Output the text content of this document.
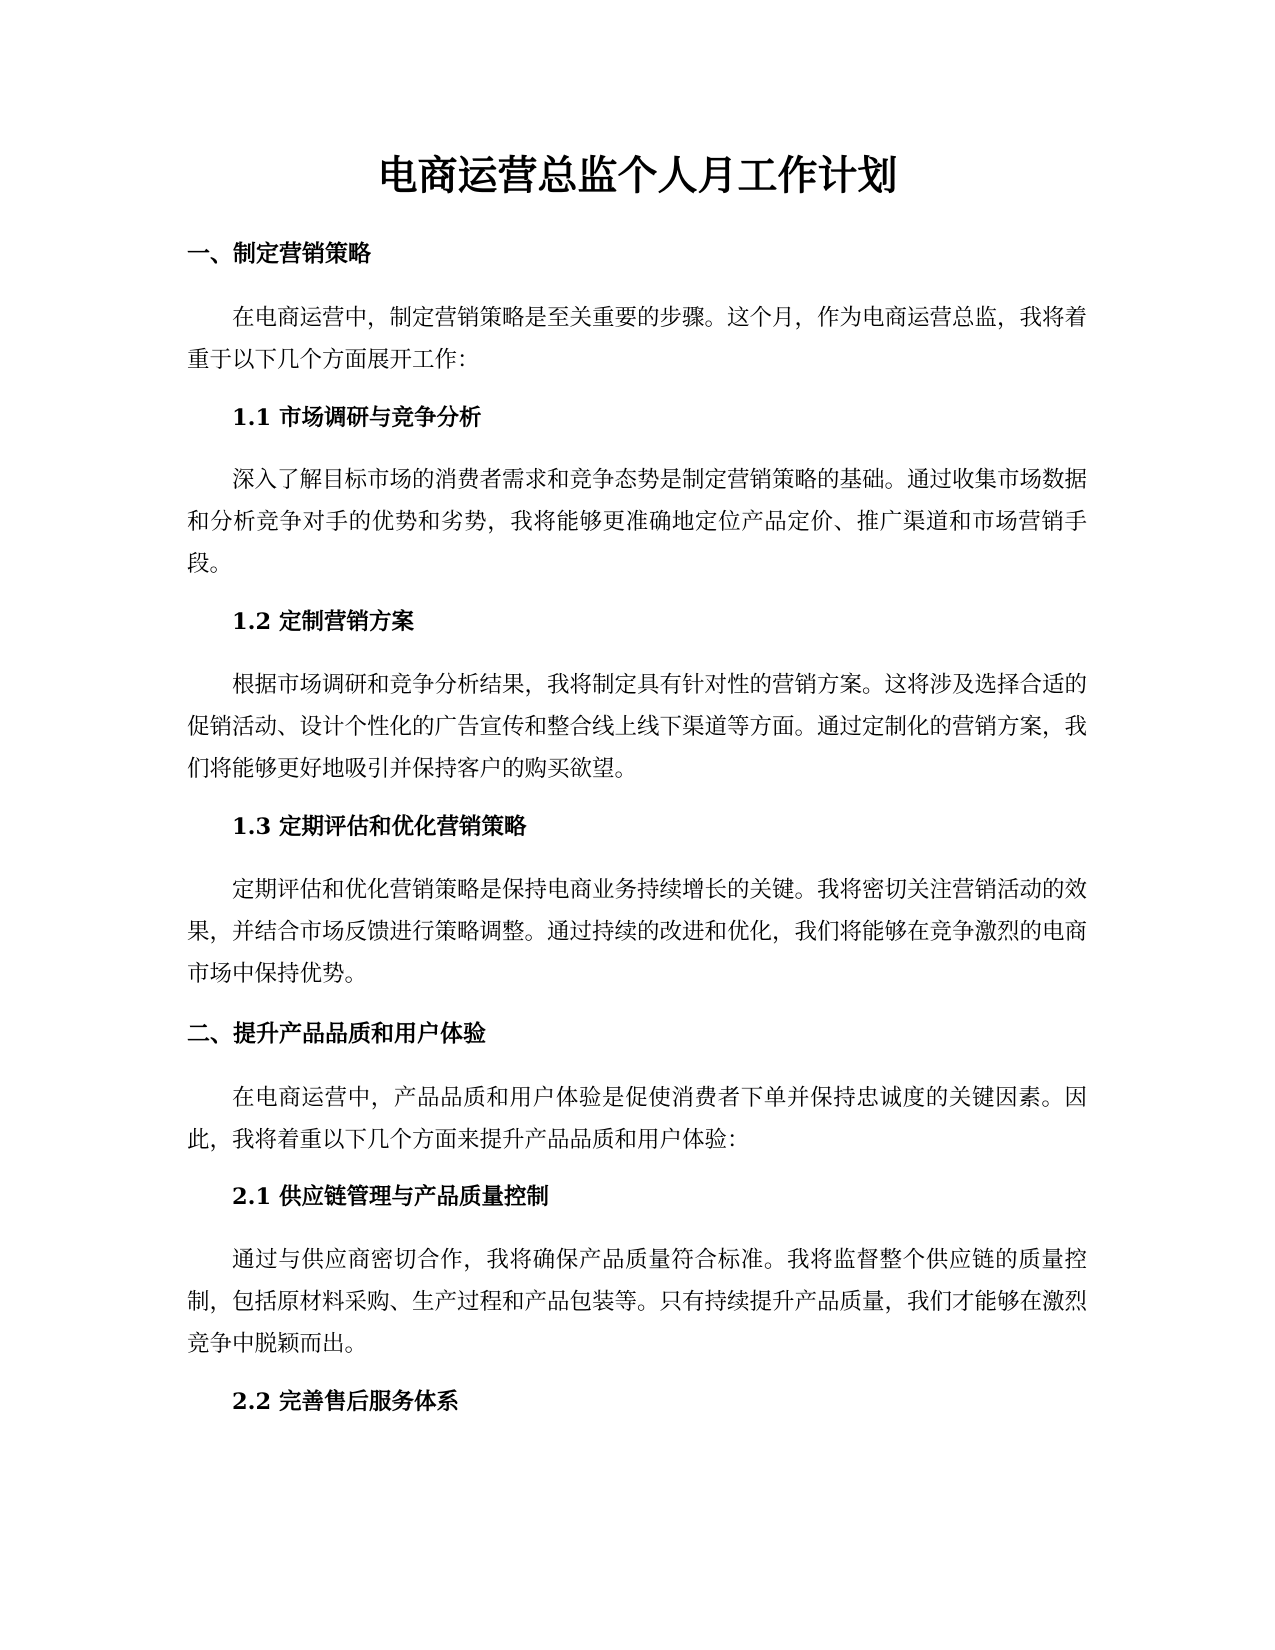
电商运营总监个人月工作计划
一、制定营销策略

在电商运营中，制定营销策略是至关重要的步骤。这个月，作为电商运营总监，我将着重于以下几个方面展开工作：

1.1 市场调研与竞争分析

深入了解目标市场的消费者需求和竞争态势是制定营销策略的基础。通过收集市场数据和分析竞争对手的优势和劣势，我将能够更准确地定位产品定价、推广渠道和市场营销手段。

1.2 定制营销方案

根据市场调研和竞争分析结果，我将制定具有针对性的营销方案。这将涉及选择合适的促销活动、设计个性化的广告宣传和整合线上线下渠道等方面。通过定制化的营销方案，我们将能够更好地吸引并保持客户的购买欲望。

1.3 定期评估和优化营销策略

定期评估和优化营销策略是保持电商业务持续增长的关键。我将密切关注营销活动的效果，并结合市场反馈进行策略调整。通过持续的改进和优化，我们将能够在竞争激烈的电商市场中保持优势。

二、提升产品品质和用户体验

在电商运营中，产品品质和用户体验是促使消费者下单并保持忠诚度的关键因素。因此，我将着重以下几个方面来提升产品品质和用户体验：

2.1 供应链管理与产品质量控制

通过与供应商密切合作，我将确保产品质量符合标准。我将监督整个供应链的质量控制，包括原材料采购、生产过程和产品包装等。只有持续提升产品质量，我们才能够在激烈竞争中脱颖而出。

2.2 完善售后服务体系
